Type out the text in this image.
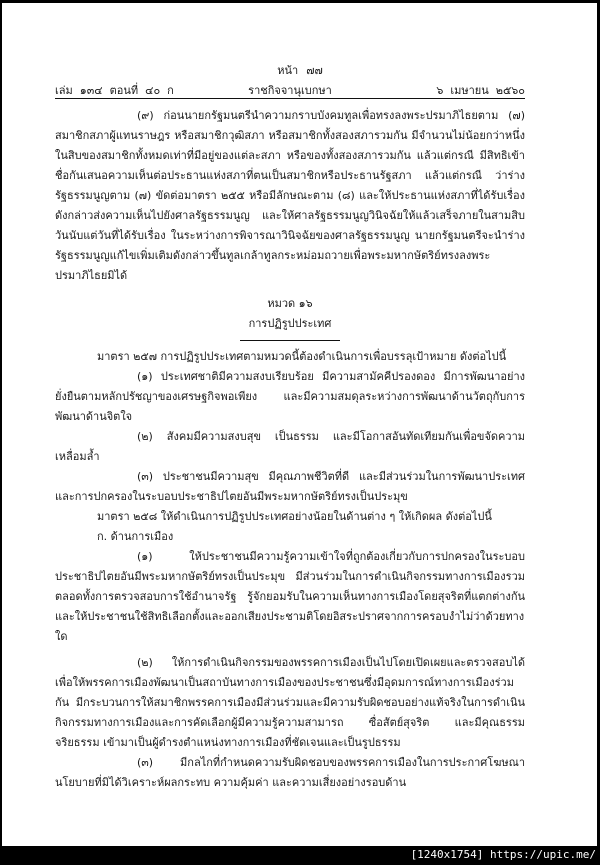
หน้า ๗๗
เล่ม ๑๓๔ ตอนที่ ๔๐ ก	ราชกิจจานุเบกษา	๖ เมษายน ๒๕๖๐

(๙) ก่อนนายกรัฐมนตรีนำความกราบบังคมทูลเพื่อทรงลงพระปรมาภิไธยตาม (๗) สมาชิกสภาผู้แทนราษฎร หรือสมาชิกวุฒิสภา หรือสมาชิกทั้งสองสภารวมกัน มีจำนวนไม่น้อยกว่าหนึ่งในสิบของสมาชิกทั้งหมดเท่าที่มีอยู่ของแต่ละสภา หรือของทั้งสองสภารวมกัน แล้วแต่กรณี มีสิทธิเข้าชื่อกันเสนอความเห็นต่อประธานแห่งสภาที่ตนเป็นสมาชิกหรือประธานรัฐสภา แล้วแต่กรณี ว่าร่างรัฐธรรมนูญตาม (๗) ขัดต่อมาตรา ๒๕๕ หรือมีลักษณะตาม (๘) และให้ประธานแห่งสภาที่ได้รับเรื่องดังกล่าวส่งความเห็นไปยังศาลรัฐธรรมนูญ และให้ศาลรัฐธรรมนูญวินิจฉัยให้แล้วเสร็จภายในสามสิบวันนับแต่วันที่ได้รับเรื่อง ในระหว่างการพิจารณาวินิจฉัยของศาลรัฐธรรมนูญ นายกรัฐมนตรีจะนำร่างรัฐธรรมนูญแก้ไขเพิ่มเติมดังกล่าวขึ้นทูลเกล้าทูลกระหม่อมถวายเพื่อพระมหากษัตริย์ทรงลงพระปรมาภิไธยมิได้

หมวด ๑๖

การปฏิรูปประเทศ

มาตรา ๒๕๗ การปฏิรูปประเทศตามหมวดนี้ต้องดำเนินการเพื่อบรรลุเป้าหมาย ดังต่อไปนี้

(๑) ประเทศชาติมีความสงบเรียบร้อย มีความสามัคคีปรองดอง มีการพัฒนาอย่างยั่งยืนตามหลักปรัชญาของเศรษฐกิจพอเพียง และมีความสมดุลระหว่างการพัฒนาด้านวัตถุกับการพัฒนาด้านจิตใจ

(๒) สังคมมีความสงบสุข เป็นธรรม และมีโอกาสอันทัดเทียมกันเพื่อขจัดความเหลื่อมล้ำ

(๓) ประชาชนมีความสุข มีคุณภาพชีวิตที่ดี และมีส่วนร่วมในการพัฒนาประเทศและการปกครองในระบอบประชาธิปไตยอันมีพระมหากษัตริย์ทรงเป็นประมุข

มาตรา ๒๕๘ ให้ดำเนินการปฏิรูปประเทศอย่างน้อยในด้านต่าง ๆ ให้เกิดผล ดังต่อไปนี้

ก. ด้านการเมือง

(๑) ให้ประชาชนมีความรู้ความเข้าใจที่ถูกต้องเกี่ยวกับการปกครองในระบอบประชาธิปไตยอันมีพระมหากษัตริย์ทรงเป็นประมุข มีส่วนร่วมในการดำเนินกิจกรรมทางการเมืองรวมตลอดทั้งการตรวจสอบการใช้อำนาจรัฐ รู้จักยอมรับในความเห็นทางการเมืองโดยสุจริตที่แตกต่างกัน และให้ประชาชนใช้สิทธิเลือกตั้งและออกเสียงประชามติโดยอิสระปราศจากการครอบงำไม่ว่าด้วยทางใด

(๒) ให้การดำเนินกิจกรรมของพรรคการเมืองเป็นไปโดยเปิดเผยและตรวจสอบได้ เพื่อให้พรรคการเมืองพัฒนาเป็นสถาบันทางการเมืองของประชาชนซึ่งมีอุดมการณ์ทางการเมืองร่วมกัน มีกระบวนการให้สมาชิกพรรคการเมืองมีส่วนร่วมและมีความรับผิดชอบอย่างแท้จริงในการดำเนินกิจกรรมทางการเมืองและการคัดเลือกผู้มีความรู้ความสามารถ ซื่อสัตย์สุจริต และมีคุณธรรมจริยธรรม เข้ามาเป็นผู้ดำรงตำแหน่งทางการเมืองที่ชัดเจนและเป็นรูปธรรม

(๓) มีกลไกที่กำหนดความรับผิดชอบของพรรคการเมืองในการประกาศโฆษณานโยบายที่มิได้วิเคราะห์ผลกระทบ ความคุ้มค่า และความเสี่ยงอย่างรอบด้าน

[1240x1754] https://upic.me/
